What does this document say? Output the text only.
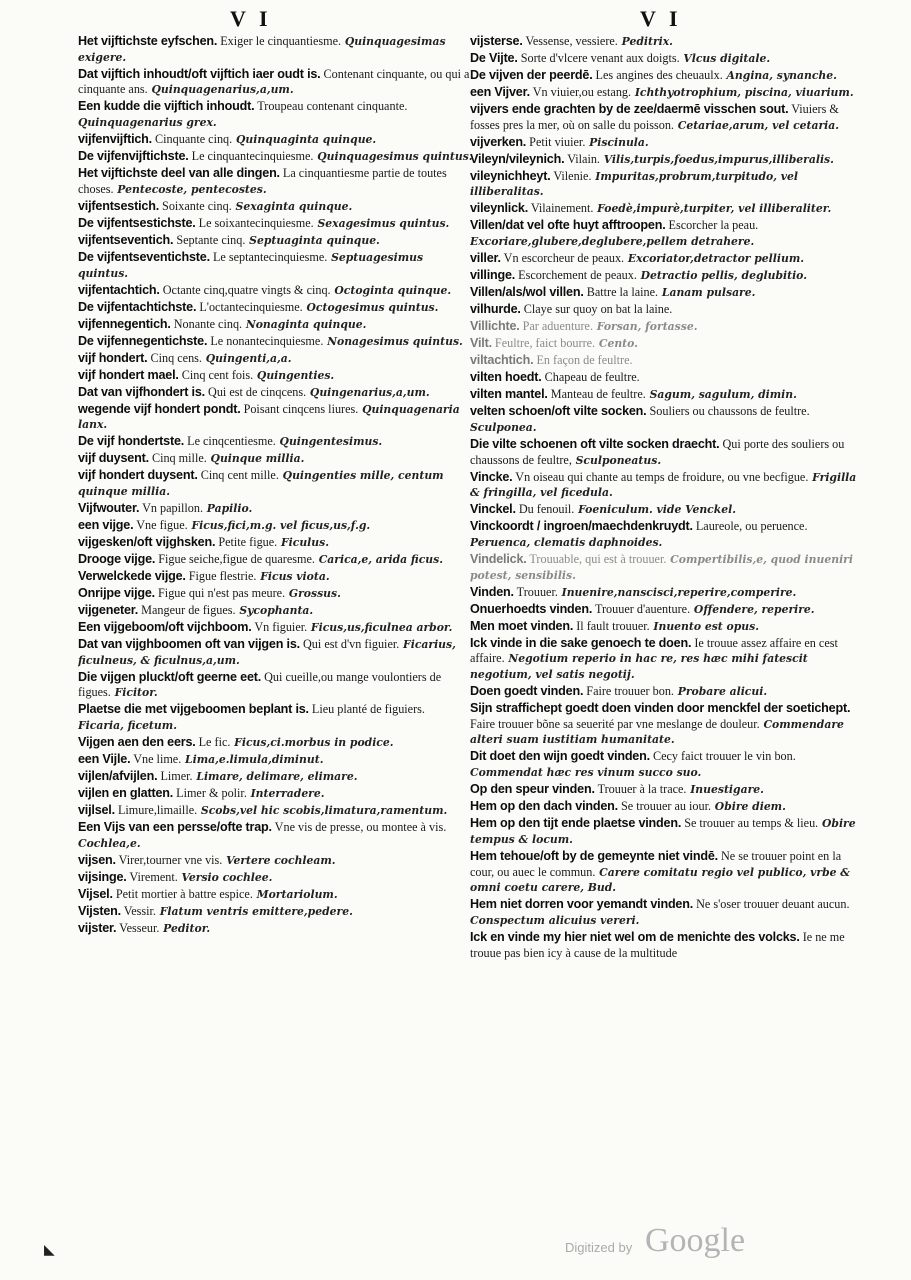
V I	V I

Het vijftichste eyfschen. Exiger le cinquantiesme. Quinquagesimas exigere.

Dat vijftich inhoudt/oft vijftich iaer oudt is. Contenant cinquante, ou qui a cinquante ans. Quinquagenarius,a,um.

Een kudde die vijftich inhoudt. Troupeau contenant cinquante. Quinquagenarius grex.

vijfenvijftich. Cinquante cinq. Quinquaginta quinque.

De vijfenvijftichste. Le cinquantecinquiesme. Quinquagesimus quintus.

Het vijftichste deel van alle dingen. La cinquantiesme partie de toutes choses. Pentecoste, pentecostes.

vijfentsestich. Soixante cinq. Sexaginta quinque.

De vijfentsestichste. Le soixantecinquiesme. Sexagesimus quintus.

vijfentseventich. Septante cinq. Septuaginta quinque.

De vijfentseventichste. Le septantecinquiesme. Septuagesimus quintus.

vijfentachtich. Octante cinq,quatre vingts & cinq. Octoginta quinque.

De vijfentachtichste. L'octantecinquiesme. Octogesimus quintus.

vijfennegentich. Nonante cinq. Nonaginta quinque.

De vijfennegentichste. Le nonantecinquiesme. Nonagesimus quintus.

vijf hondert. Cinq cens. Quingenti,a,a.

vijf hondert mael. Cinq cent fois. Quingenties.

Dat van vijfhondert is. Qui est de cinqcens. Quingenarius,a,um.

wegende vijf hondert pondt. Poisant cinqcens liures. Quinquagenaria lanx.

De vijf hondertste. Le cinqcentiesme. Quingentesimus.

vijf duysent. Cinq mille. Quinque millia.

vijf hondert duysent. Cinq cent mille. Quingenties mille, centum quinque millia.

Vijfwouter. Vn papillon. Papilio.

een vijge. Vne figue. Ficus,fici,m.g. vel ficus,us,f.g.

vijgesken/oft vijghsken. Petite figue. Ficulus.

Drooge vijge. Figue seiche,figue de quaresme. Carica,e, arida ficus.

Verwelckede vijge. Figue flestrie. Ficus viota.

Onrijpe vijge. Figue qui n'est pas meure. Grossus.

vijgeneter. Mangeur de figues. Sycophanta.

Een vijgeboom/oft vijchboom. Vn figuier. Ficus,us,ficulnea arbor.

Dat van vijghboomen oft van vijgen is. Qui est d'vn figuier. Ficarius, ficulneus, & ficulnus,a,um.

Die vijgen pluckt/oft geerne eet. Qui cueille,ou mange voulontiers de figues. Ficitor.

Plaetse die met vijgeboomen beplant is. Lieu planté de figuiers. Ficaria, ficetum.

Vijgen aen den eers. Le fic. Ficus,ci.morbus in podice.

een Vijle. Vne lime. Lima,e.limula,diminut.

vijlen/afvijlen. Limer. Limare, delimare, elimare.

vijlen en glatten. Limer & polir. Interradere.

vijlsel. Limure,limaille. Scobs,vel hic scobis,limatura,ramentum.

Een Vijs van een persse/ofte trap. Vne vis de presse, ou montee à vis. Cochlea,e.

vijsen. Virer,tourner vne vis. Vertere cochleam.

vijsinge. Virement. Versio cochlee.

Vijsel. Petit mortier à battre espice. Mortariolum.

Vijsten. Vessir. Flatum ventris emittere,pedere.

vijster. Vesseur. Peditor.

vijsterse. Vessense, vessiere. Peditrix.

De Vijte. Sorte d'vlcere venant aux doigts. Vlcus digitale.

De vijven der peerdē. Les angines des cheuaulx. Angina, synanche.

een Vijver. Vn viuier,ou estang. Ichthyotrophium, piscina, viuarium.

vijvers ende grachten by de zee/daermē visschen sout. Viuiers & fosses pres la mer, où on salle du poisson. Cetariae,arum, vel cetaria.

vijverken. Petit viuier. Piscinula.

Vileyn/vileynich. Vilain. Vilis,turpis,foedus,impurus,illiberalis.

vileynichheyt. Vilenie. Impuritas,probrum,turpitudo, vel illiberalitas.

vileynlick. Vilainement. Foedè,impurè,turpiter, vel illiberaliter.

Villen/dat vel ofte huyt afftroopen. Escorcher la peau. Excoriare,glubere,deglubere,pellem detrahere.

viller. Vn escorcheur de peaux. Excoriator,detractor pellium.

villinge. Escorchement de peaux. Detractio pellis, deglubitio.

Villen/als/wol villen. Battre la laine. Lanam pulsare.

vilhurde. Claye sur quoy on bat la laine.

Villichte. Par aduenture. Forsan, fortasse.

Vilt. Feultre, faict bourre. Cento.

viltachtich. En façon de feultre.

vilten hoedt. Chapeau de feultre.

vilten mantel. Manteau de feultre. Sagum, sagulum, dimin.

velten schoen/oft vilte socken. Souliers ou chaussons de feultre. Sculponea.

Die vilte schoenen oft vilte socken draecht. Qui porte des souliers ou chaussons de feultre, Sculponeatus.

Vincke. Vn oiseau qui chante au temps de froidure, ou vne becfigue. Frigilla & fringilla, vel ficedula.

Vinckel. Du fenouil. Foeniculum. vide Venckel.

Vinckoordt / ingroen/maechdenkruydt. Laureole, ou peruence. Peruenca, clematis daphnoides.

Vindelick. Trouuable, qui est à trouuer. Compertibilis,e, quod inueniri potest, sensibilis.

Vinden. Trouuer. Inuenire,nanscisci,reperire,comperire.

Onuerhoedts vinden. Trouuer d'auenture. Offendere, reperire.

Men moet vinden. Il fault trouuer. Inuento est opus.

Ick vinde in die sake genoech te doen. Ie trouue assez affaire en cest affaire. Negotium reperio in hac re, res hæc mihi fatescit negotium, vel satis negotij.

Doen goedt vinden. Faire trouuer bon. Probare alicui.

Sijn straffichept goedt doen vinden door menckfel der soetichept. Faire trouuer bõne sa seuerité par vne meslange de douleur. Commendare alteri suam iustitiam humanitate.

Dit doet den wijn goedt vinden. Cecy faict trouuer le vin bon. Commendat hæc res vinum succo suo.

Op den speur vinden. Trouuer à la trace. Inuestigare.

Hem op den dach vinden. Se trouuer au iour. Obire diem.

Hem op den tijt ende plaetse vinden. Se trouuer au temps & lieu. Obire tempus & locum.

Hem tehoue/oft by de gemeynte niet vindē. Ne se trouuer point en la cour, ou auec le commun. Carere comitatu regio vel publico, vrbe & omni coetu carere, Bud.

Hem niet dorren voor yemandt vinden. Ne s'oser trouuer deuant aucun. Conspectum alicuius vereri.

Ick en vinde my hier niet wel om de menichte des volcks. Ie ne me trouue pas bien icy à cause de la multitude

◣	Digitized by Google
